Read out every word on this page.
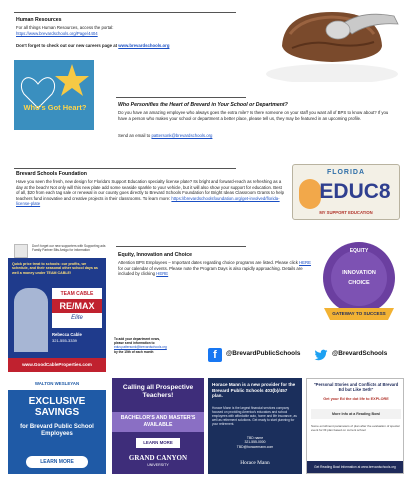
Human Resources
For all things Human Resources, access the portal:
https://www.brevardschools.org/Page/4404
Don't forget to check out our new careers page at www.brevardschools.org
Who's Got Heart?	Who Personifies the Heart of Brevard in Your School or Department?
Do you have an amazing employee who always goes the extra mile? Is there someone on your staff you want all of BPS to know about? If you have a person who makes your school or department a better place, please tell us, they may be featured in an upcoming profile.
Send an email to pattersonk@brevardschools.org
Brevard Schools Foundation
Have you seen the fresh, new design for Florida's Support Education specialty license plate? Its bright and forward-reach as refreshing as a day at the beach! Not only will this new plate add some seaside sparkle to your vehicle, but it will also show your support for education. Best of all, $20 from each tag sale or renewal in our county goes directly to Brevard Schools Foundation for Bright Ideas Classroom Grants to help teachers fund innovative and creative projects in their classrooms. To learn more: https://brevardschoolsfoundation.org/get-involved/florida-license-plate
FLORIDA
EDUC8
MY SUPPORT EDUCATION
Don't forget our new supporters with Supporting ads Family Partner Bits Amigo for information
Quick price treat to schools: our profits, we schedule, and their seasonal other school days as well a money under TEAM CABLE!
TEAM CABLE
RE/MAX
Elite
Rebecca Cable
321-555-3339
www.GoodCableProperties.com
Equity, Innovation and Choice
Attention BPS Employees – Important dates regarding choice programs are listed. Please click HERE for our calendar of events. Please note the Program Days is also rapidly approaching. Details are included by clicking HERE
EQUITY
INNOVATION
CHOICE
GATEWAY TO SUCCESS
To add your department news,
please send information to
eduv.pattersonk@brevardschools.org
by the 15th of each month	f	@BrevardPublicSchools	@BrevardSchools
WALTON WESLEYAN
EXCLUSIVE SAVINGS
for Brevard Public School Employees
LEARN MORE
Calling all Prospective Teachers!
BACHELOR'S AND MASTER'S AVAILABLE
LEARN MORE
GRAND CANYON
UNIVERSITY
Horace Mann is a new provider for the Brevard Public Schools 403(b)/457 plan.
Horace Mann is the largest financial services company focused on providing America's educators and school employees with affordable auto, home and life insurance, as well as retirement solutions. Get ready to start planning for your retirement.
TBD name
321-555-0000
TBD@horacemann.com
Horace Mann
"Personal Stories and Conflicts at Brevard Ed but Like Seth"
Get your Ed the dot life to EXPLORE
More Info at a Reading Bowl
Some enrollment parameters of plan after the evaluation of special event for fill plan based on current school
Get Reading Bowl Information at www.brevardschools.org
